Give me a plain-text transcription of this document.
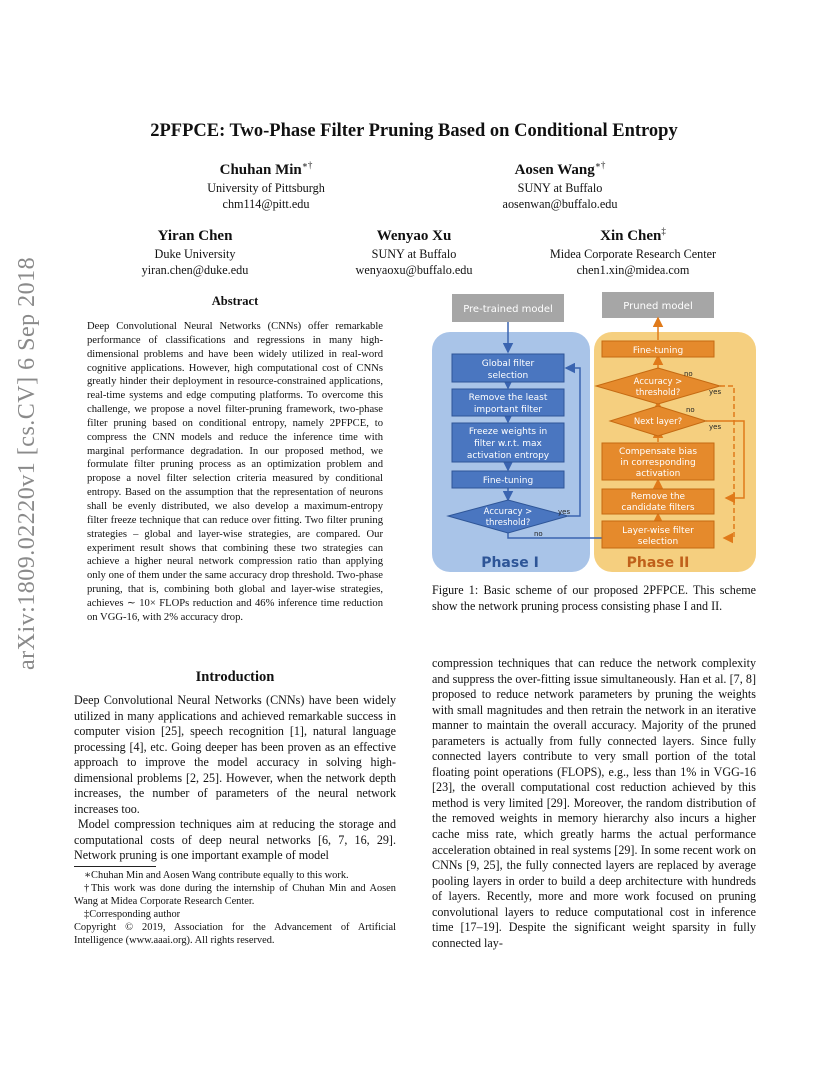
arXiv:1809.02220v1 [cs.CV] 6 Sep 2018
2PFPCE: Two-Phase Filter Pruning Based on Conditional Entropy
Chuhan Min∗†
University of Pittsburgh
chm114@pitt.edu
Aosen Wang∗†
SUNY at Buffalo
aosenwan@buffalo.edu
Yiran Chen
Duke University
yiran.chen@duke.edu
Wenyao Xu
SUNY at Buffalo
wenyaoxu@buffalo.edu
Xin Chen‡
Midea Corporate Research Center
chen1.xin@midea.com
Abstract
Deep Convolutional Neural Networks (CNNs) offer remarkable performance of classifications and regressions in many high-dimensional problems and have been widely utilized in real-word cognitive applications. However, high computational cost of CNNs greatly hinder their deployment in resource-constrained applications, real-time systems and edge computing platforms. To overcome this challenge, we propose a novel filter-pruning framework, two-phase filter pruning based on conditional entropy, namely 2PFPCE, to compress the CNN models and reduce the inference time with marginal performance degradation. In our proposed method, we formulate filter pruning process as an optimization problem and propose a novel filter selection criteria measured by conditional entropy. Based on the assumption that the representation of neurons shall be evenly distributed, we also develop a maximum-entropy filter freeze technique that can reduce over fitting. Two filter pruning strategies – global and layer-wise strategies, are compared. Our experiment result shows that combining these two strategies can achieve a higher neural network compression ratio than applying only one of them under the same accuracy drop threshold. Two-phase pruning, that is, combining both global and layer-wise strategies, achieves ∼ 10× FLOPs reduction and 46% inference time reduction on VGG-16, with 2% accuracy drop.
Introduction

Deep Convolutional Neural Networks (CNNs) have been widely utilized in many applications and achieved remarkable success in computer vision [25], speech recognition [1], natural language processing [4], etc. Going deeper has been proven as an effective approach to improve the model accuracy in solving high-dimensional problems [2, 25]. However, when the network depth increases, the number of parameters of the neural network increases too.

Model compression techniques aim at reducing the storage and computational costs of deep neural networks [6, 7, 16, 29]. Network pruning is one important example of model

∗Chuhan Min and Aosen Wang contribute equally to this work.

†This work was done during the internship of Chuhan Min and Aosen Wang at Midea Corporate Research Center.

‡Corresponding author

Copyright © 2019, Association for the Advancement of Artificial Intelligence (www.aaai.org). All rights reserved.

compression techniques that can reduce the network complexity and suppress the over-fitting issue simultaneously. Han et al. [7, 8] proposed to reduce network parameters by pruning the weights with small magnitudes and then retrain the network in an iterative manner to maintain the overall accuracy. Majority of the pruned parameters is actually from fully connected layers. Since fully connected layers contribute to very small portion of the total floating point operations (FLOPS), e.g., less than 1% in VGG-16 [23], the overall computational cost reduction achieved by this method is very limited [29]. Moreover, the random distribution of the removed weights in memory hierarchy also incurs a higher cache miss rate, which greatly harms the actual performance acceleration obtained in real systems [29]. In some recent work on CNNs [9, 25], the fully connected layers are replaced by average pooling layers in order to build a deep architecture with hundreds of layers. Recently, more and more work focused on pruning convolutional layers to reduce computational cost in inference time [17–19]. Despite the significant weight sparsity in fully connected lay-
Figure 1: Basic scheme of our proposed 2PFPCE. This scheme show the network pruning process consisting phase I and II.
Pre-trained model	Pruned model
Global filter
selection
Remove the least
important filter
Freeze weights in
filter w.r.t. max
activation entropy
Fine-tuning
Accuracy >
threshold?
yes
no
Phase I
Fine-tuning
Accuracy >
threshold?
no
yes
Next layer?
no
yes
Compensate bias
in corresponding
activation
Remove the
candidate filters
Layer-wise filter
selection
Phase II
